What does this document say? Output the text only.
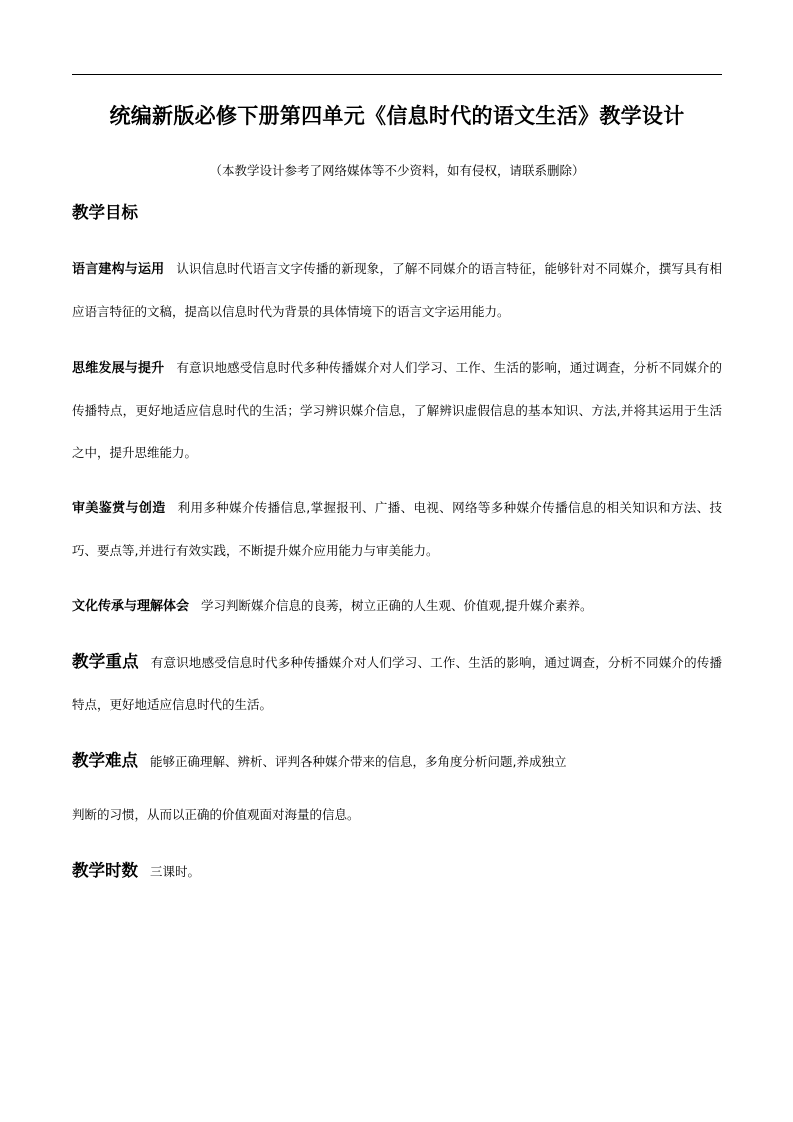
统编新版必修下册第四单元《信息时代的语文生活》教学设计
（本教学设计参考了网络媒体等不少资料，如有侵权，请联系删除）
教学目标
语言建构与运用 认识信息时代语言文字传播的新现象，了解不同媒介的语言特征，能够针对不同媒介，撰写具有相应语言特征的文稿，提高以信息时代为背景的具体情境下的语言文字运用能力。
思维发展与提升 有意识地感受信息时代多种传播媒介对人们学习、工作、生活的影响，通过调查，分析不同媒介的传播特点，更好地适应信息时代的生活；学习辨识媒介信息，了解辨识虚假信息的基本知识、方法,并将其运用于生活之中，提升思维能力。
审美鉴赏与创造 利用多种媒介传播信息,掌握报刊、广播、电视、网络等多种媒介传播信息的相关知识和方法、技巧、要点等,并进行有效实践，不断提升媒介应用能力与审美能力。
文化传承与理解体会 学习判断媒介信息的良莠，树立正确的人生观、价值观,提升媒介素养。
教学重点 有意识地感受信息时代多种传播媒介对人们学习、工作、生活的影响，通过调查，分析不同媒介的传播特点，更好地适应信息时代的生活。
教学难点 能够正确理解、辨析、评判各种媒介带来的信息，多角度分析问题,养成独立
判断的习惯，从而以正确的价值观面对海量的信息。
教学时数 三课时。
